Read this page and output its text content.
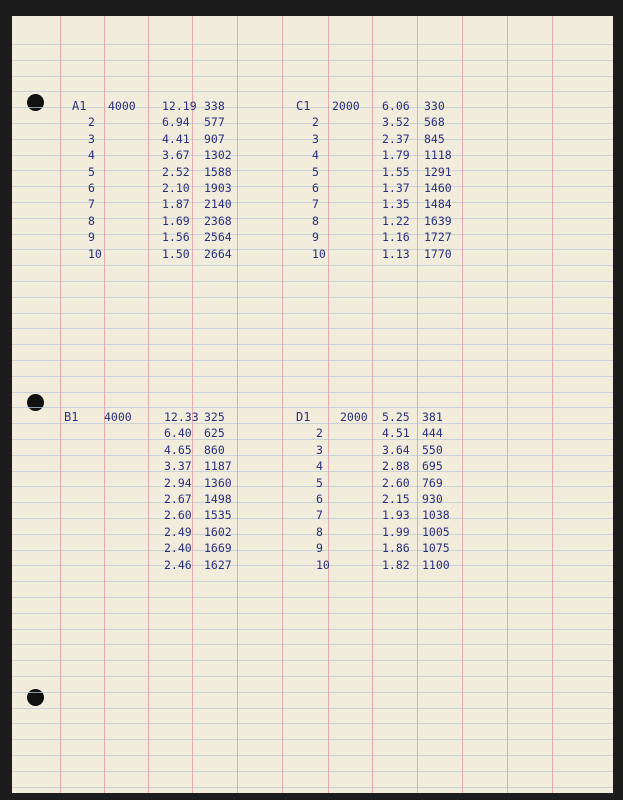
A1 4000 12.19 338
2	6.94 577
3	4.41 907
4	3.67 1302
5	2.52 1588
6	2.10 1903
7	1.87 2140
8	1.69 2368
9	1.56 2564
10	1.50 2664
C1 2000 6.06 330
2	3.52 568
3	2.37 845
4	1.79 1118
5	1.55 1291
6	1.37 1460
7	1.35 1484
8	1.22 1639
9	1.16 1727
10	1.13 1770
B1 4000	12.33 325
6.40 625
4.65 860
3.37 1187
2.94 1360
2.67 1498
2.60 1535
2.49 1602
2.40 1669
2.46 1627
D1	2000 5.25 381
2	4.51 444
3	3.64 550
4	2.88 695
5	2.60 769
6	2.15 930
7	1.93 1038
8	1.99 1005
9	1.86 1075
10	1.82 1100
